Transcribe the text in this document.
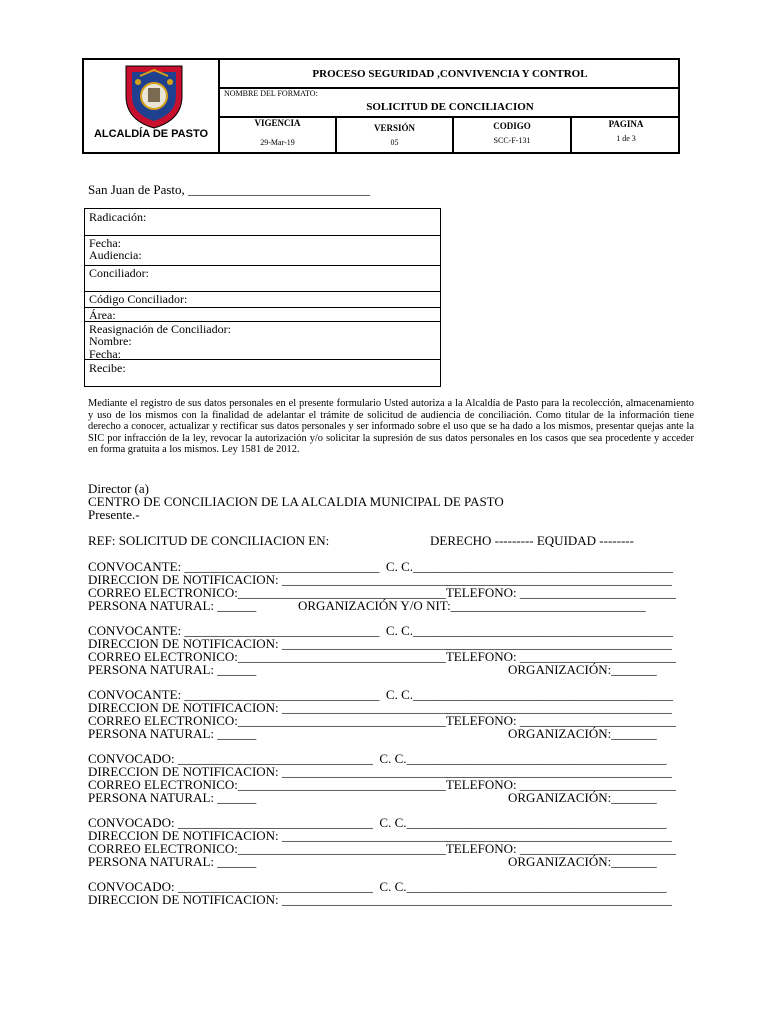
ALCALDÍA DE PASTO
PROCESO SEGURIDAD ,CONVIVENCIA Y CONTROL
NOMBRE DEL FORMATO:
SOLICITUD DE CONCILIACION
VIGENCIA
29-Mar-19
VERSIÓN
05
CODIGO
SCC-F-131
PAGINA
1 de 3
San Juan de Pasto, ____________________________
Radicación:
Fecha:
Audiencia:
Conciliador:
Código Conciliador:
Área:
Reasignación de Conciliador:
Nombre:
Fecha:
Recibe:
Mediante el registro de sus datos personales en el presente formulario Usted autoriza a la Alcaldía de Pasto para la recolección, almacenamiento y uso de los mismos con la finalidad de adelantar el trámite de solicitud de audiencia de conciliación. Como titular de la información tiene derecho a conocer, actualizar y rectificar sus datos personales y ser informado sobre el uso que se ha dado a los mismos, presentar quejas ante la SIC por infracción de la ley, revocar la autorización y/o solicitar la supresión de sus datos personales en los casos que sea procedente y acceder en forma gratuita a los mismos. Ley 1581 de 2012.
Director (a)
CENTRO DE CONCILIACION DE LA ALCALDIA MUNICIPAL DE PASTO
Presente.-
REF: SOLICITUD DE CONCILIACION EN:	DERECHO --------- EQUIDAD --------
CONVOCANTE: ______________________________  C. C.________________________________________
DIRECCION DE NOTIFICACION: ____________________________________________________________
CORREO ELECTRONICO:________________________________TELEFONO: ________________________
PERSONA NATURAL: ______	ORGANIZACIÓN Y/O NIT:______________________________
CONVOCANTE: ______________________________  C. C.________________________________________
DIRECCION DE NOTIFICACION: ____________________________________________________________
CORREO ELECTRONICO:________________________________TELEFONO: ________________________
PERSONA NATURAL: ______	ORGANIZACIÓN:_______
CONVOCANTE: ______________________________  C. C.________________________________________
DIRECCION DE NOTIFICACION: ____________________________________________________________
CORREO ELECTRONICO:________________________________TELEFONO: ________________________
PERSONA NATURAL: ______	ORGANIZACIÓN:_______
CONVOCADO: ______________________________  C. C.________________________________________
DIRECCION DE NOTIFICACION: ____________________________________________________________
CORREO ELECTRONICO:________________________________TELEFONO: ________________________
PERSONA NATURAL: ______	ORGANIZACIÓN:_______
CONVOCADO: ______________________________  C. C.________________________________________
DIRECCION DE NOTIFICACION: ____________________________________________________________
CORREO ELECTRONICO:________________________________TELEFONO: ________________________
PERSONA NATURAL: ______	ORGANIZACIÓN:_______
CONVOCADO: ______________________________  C. C.________________________________________
DIRECCION DE NOTIFICACION: ____________________________________________________________
